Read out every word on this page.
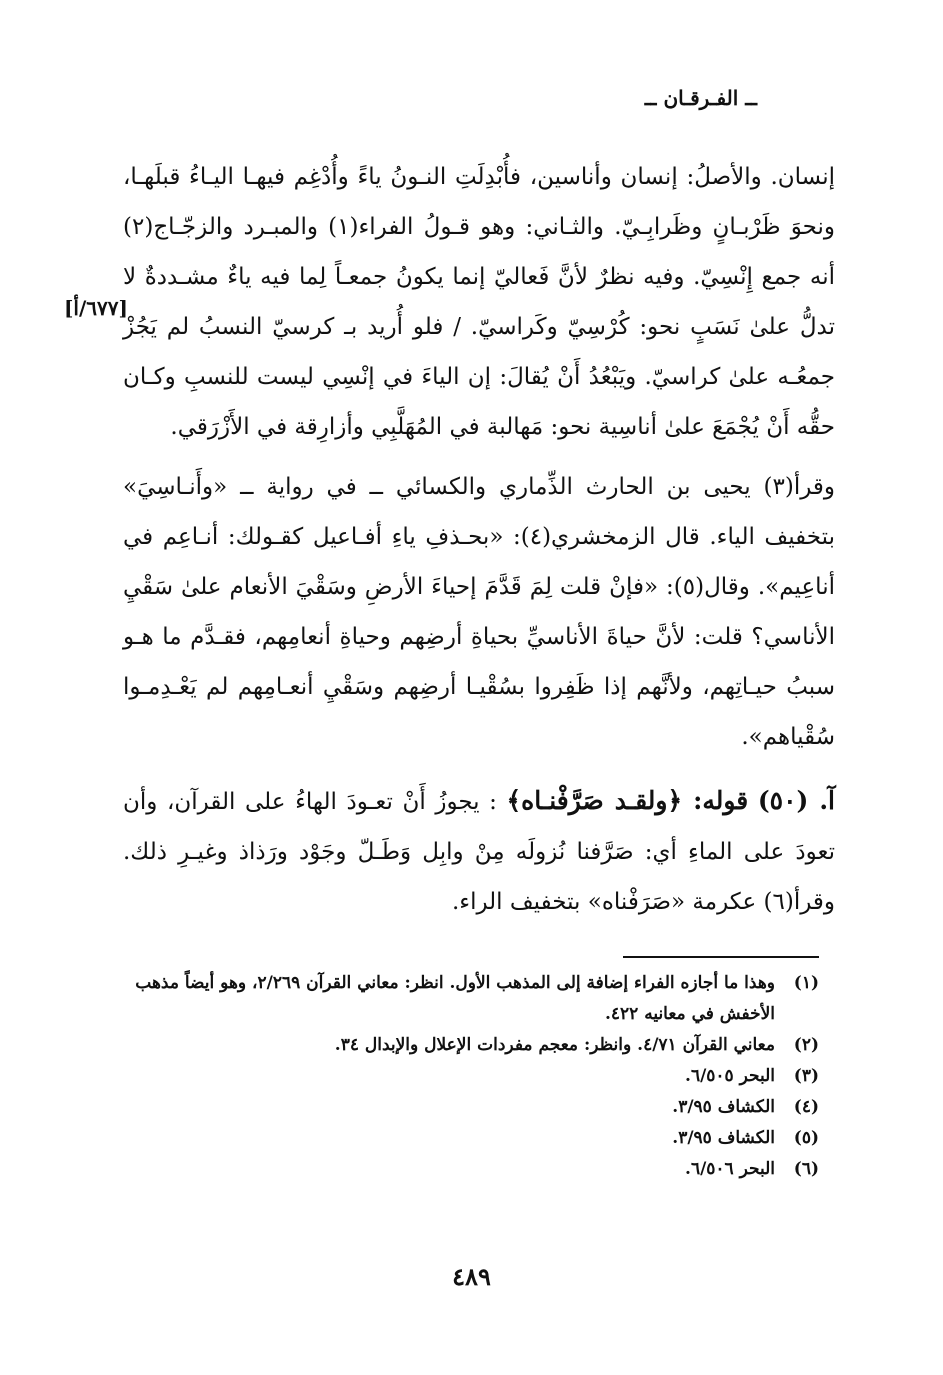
ــ الفـرقـان ــ

إنسان. والأصلُ: إنسان وأناسين، فأُبْدِلَتِ النـونُ ياءً وأُدْغِم فيهـا اليـاءُ قبلَهـا، ونحوَ ظَرْبـانٍ وظَرابِـيّ. والثـاني: وهو قـولُ الفراء(١) والمبـرد والزجّـاج(٢) أنه جمع إِنْسِيّ. وفيه نظرٌ لأنَّ فَعاليّ إنما يكونُ جمعـاً لِما فيه ياءٌ مشـددةٌ لا تدلُّ علىٰ نَسَبٍ نحو: كُرْسِيّ وكَراسيّ. / فلو أُريد بـ كرسيّ النسبُ لم يَجُزْ جمعُـه علىٰ كراسيّ. ويَبْعُدُ أَنْ يُقالَ: إن الياءَ في إنْسِي ليست للنسبِ وكـان حقُّه أَنْ يُجْمَعَ علىٰ أناسِية نحو: مَهالبة في المُهَلَّبِي وأزارِقة في الأَزْرَقي.

[٦٧٧/أ]

وقرأ(٣) يحيى بن الحارث الذِّماري والكسائي ــ في رواية ــ «وأَنـاسِيَ» بتخفيف الياء. قال الزمخشري(٤): «بحـذفِ ياءِ أفـاعيل كقـولك: أنـاعِم في أناعِيم». وقال(٥): «فإنْ قلت لِمَ قَدَّمَ إحياءَ الأرضِ وسَقْيَ الأنعام علىٰ سَقْيِ الأناسي؟ قلت: لأنَّ حياةَ الأناسيِّ بحياةِ أرضِهم وحياةِ أنعامِهم، فقـدَّم ما هـو سببُ حيـاتِهم، ولأنَّهم إذا ظَفِروا بسُقْيـا أرضِهم وسَقْيِ أنعـامِهم لم يَعْـدِمـوا سُقْياهم».

آ. (٥٠) قوله: ﴿ولقـد صَرَّفْنـاه﴾ : يجوزُ أَنْ تعـودَ الهاءُ على القرآن، وأن تعودَ على الماءِ أي: صَرَّفنا نُزولَه مِنْ وابِل وَطَـلّ وجَوْد ورَذاذ وغيـرِ ذلك. وقرأ(٦) عكرمة «صَرَفْناه» بتخفيف الراء.

(١)
وهذا ما أجازه الفراء إضافة إلى المذهب الأول. انظر: معاني القرآن ٢/٢٦٩، وهو أيضاً مذهب الأخفش في معانيه ٤٢٢.
(٢)
معاني القرآن ٤/٧١. وانظر: معجم مفردات الإعلال والإبدال ٣٤.
(٣)
البحر ٦/٥٠٥.
(٤)
الكشاف ٣/٩٥.
(٥)
الكشاف ٣/٩٥.
(٦)
البحر ٦/٥٠٦.
٤٨٩
